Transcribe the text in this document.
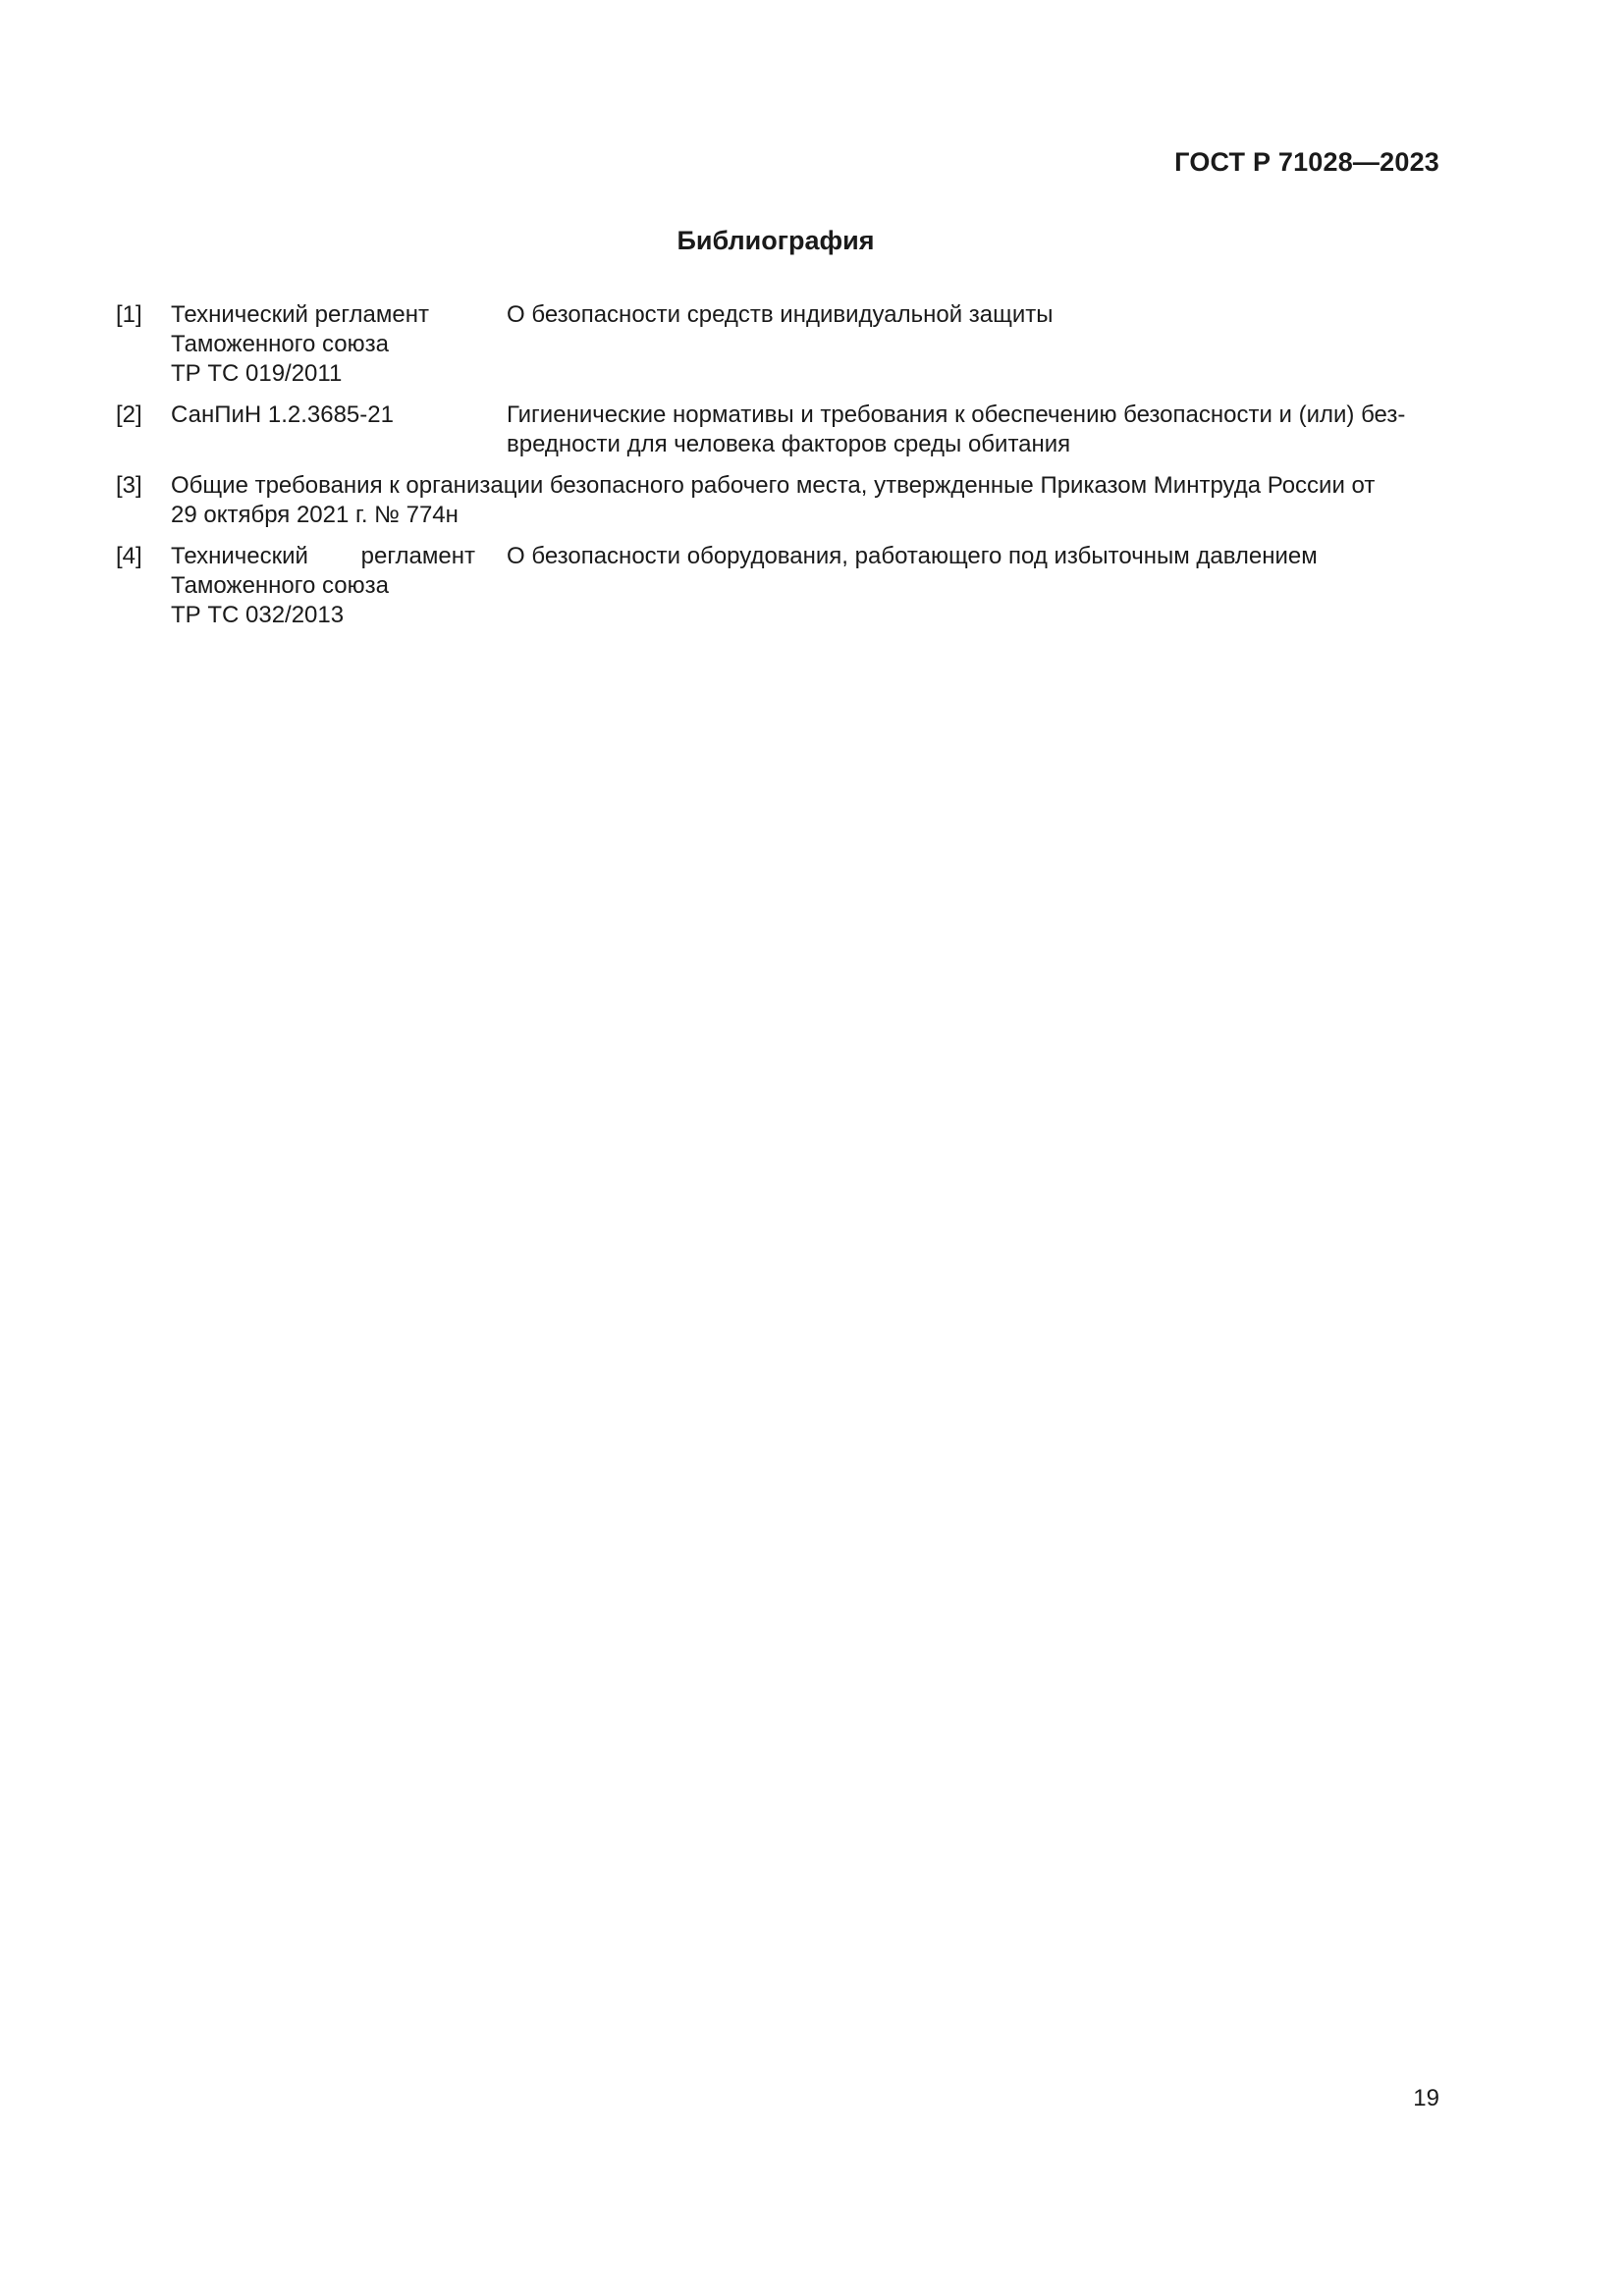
ГОСТ Р 71028—2023
Библиография
[1] Технический регламент
Таможенного союза
ТР ТС 019/2011
О безопасности средств индивидуальной защиты
[2] СанПиН 1.2.3685-21	Гигиенические нормативы и требования к обеспечению безопасности и (или) без-
вредности для человека факторов среды обитания
[3] Общие требования к организации безопасного рабочего места, утвержденные Приказом Минтруда России от
29 октября 2021 г. № 774н
[4] Технический регламент
Таможенного союза
ТР ТС 032/2013
О безопасности оборудования, работающего под избыточным давлением
19
